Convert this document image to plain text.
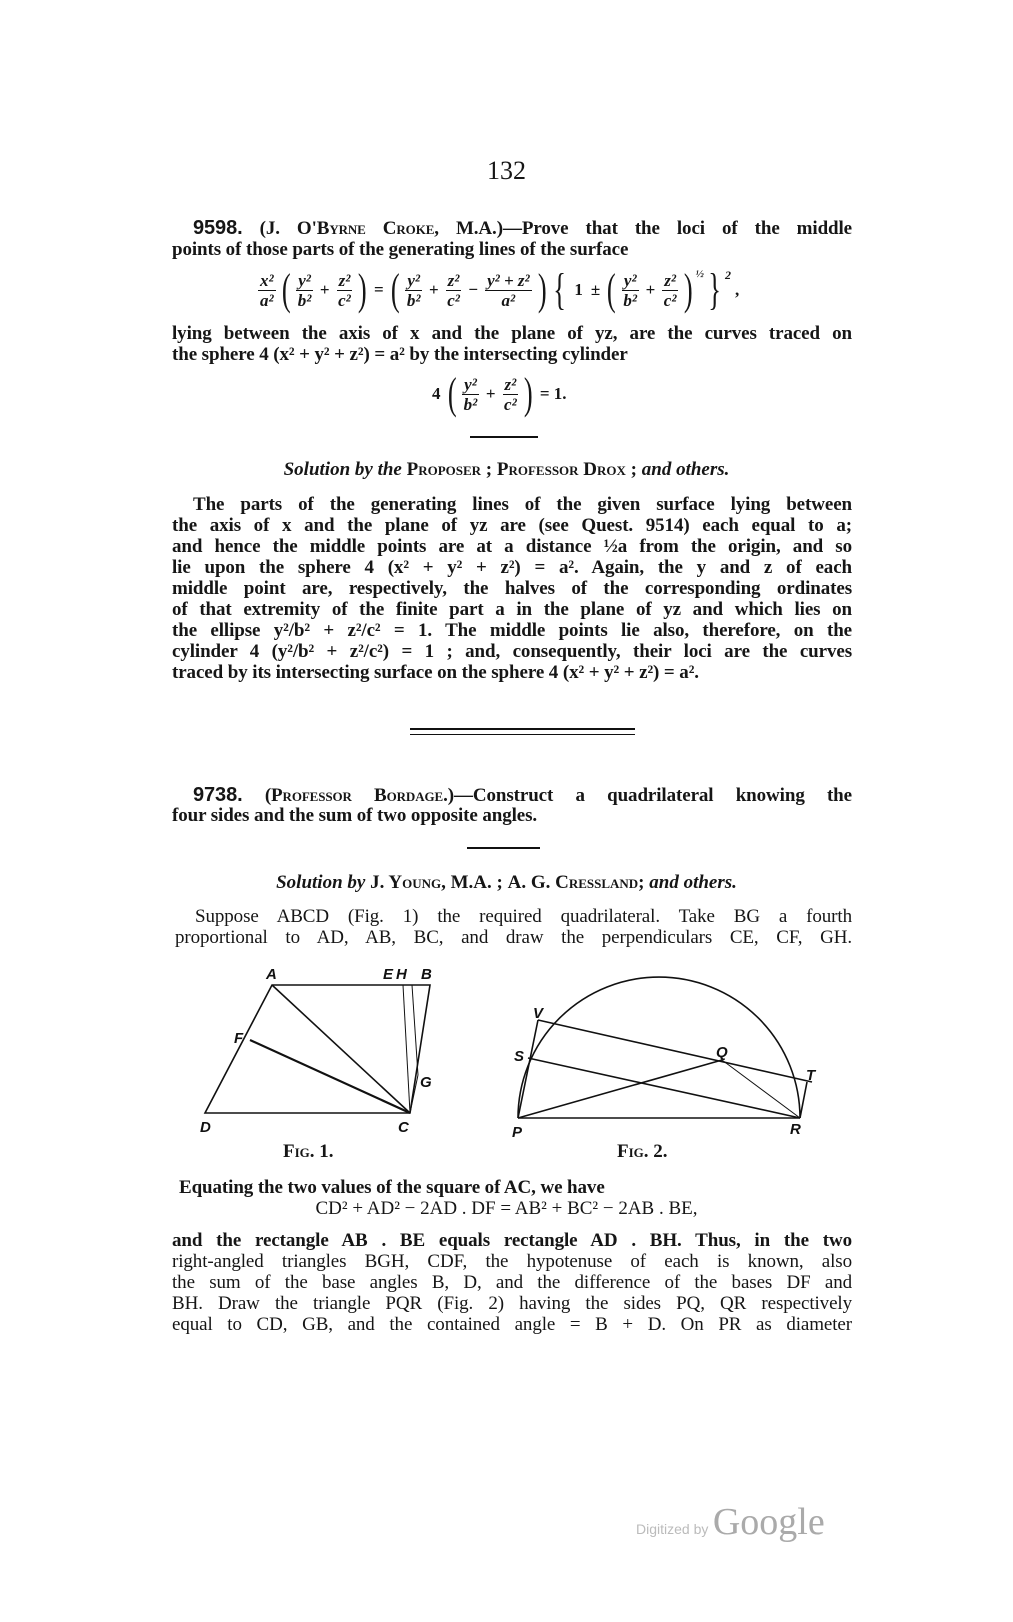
132
9598. (J. O'Byrne Croke, M.A.)—Prove that the loci of the middle
points of those parts of the generating lines of the surface
$\frac{\text{x²}}{\text{a²}}$ ( $\frac{\text{y²}}{\text{b²}} + \frac{\text{z²}}{\text{c²}}$ ) = ( $\frac{\text{y²}}{\text{b²}} + \frac{\text{z²}}{\text{c²}} - \frac{\text{y² + z²}}{\text{a²}}$ ) { 1 ± ( $\frac{\text{y²}}{\text{b²}} + \frac{\text{z²}}{\text{c²}}$ ) $^{\frac{1}{2}}$ } $^2$
,
lying between the axis of x and the plane of yz, are the curves traced on
the sphere 4 (x² + y² + z²) = a² by the intersecting cylinder
4 ( $\frac{\text{y²}}{\text{b²}} + \frac{\text{z²}}{\text{c²}}$ ) = 1.
Solution by the Proposer ; Professor Drox ; and others.
The parts of the generating lines of the given surface lying between
the axis of x and the plane of yz are (see Quest. 9514) each equal to a;
and hence the middle points are at a distance ½a from the origin, and so
lie upon the sphere 4 (x² + y² + z²) = a². Again, the y and z of each
middle point are, respectively, the halves of the corresponding ordinates
of that extremity of the finite part a in the plane of yz and which lies on
the ellipse y²/b² + z²/c² = 1. The middle points lie also, therefore, on the
cylinder 4 (y²/b² + z²/c²) = 1 ; and, consequently, their loci are the curves
traced by its intersecting surface on the sphere 4 (x² + y² + z²) = a².
9738. (Professor Bordage.)—Construct a quadrilateral knowing the
four sides and the sum of two opposite angles.
Solution by J. Young, M.A. ; A. G. Cressland; and others.
Suppose ABCD (Fig. 1) the required quadrilateral. Take BG a fourth
proportional to AD, AB, BC, and draw the perpendiculars CE, CF, GH.
A	E H B
F
G
D	C
V
S	Q
T
P	R
Fig. 1.	Fig. 2.
Equating the two values of the square of AC, we have
CD² + AD² − 2AD . DF = AB² + BC² − 2AB . BE,
and the rectangle AB . BE equals rectangle AD . BH. Thus, in the two
right-angled triangles BGH, CDF, the hypotenuse of each is known, also
the sum of the base angles B, D, and the difference of the bases DF and
BH. Draw the triangle PQR (Fig. 2) having the sides PQ, QR respectively
equal to CD, GB, and the contained angle = B + D. On PR as diameter
Digitized by Google
